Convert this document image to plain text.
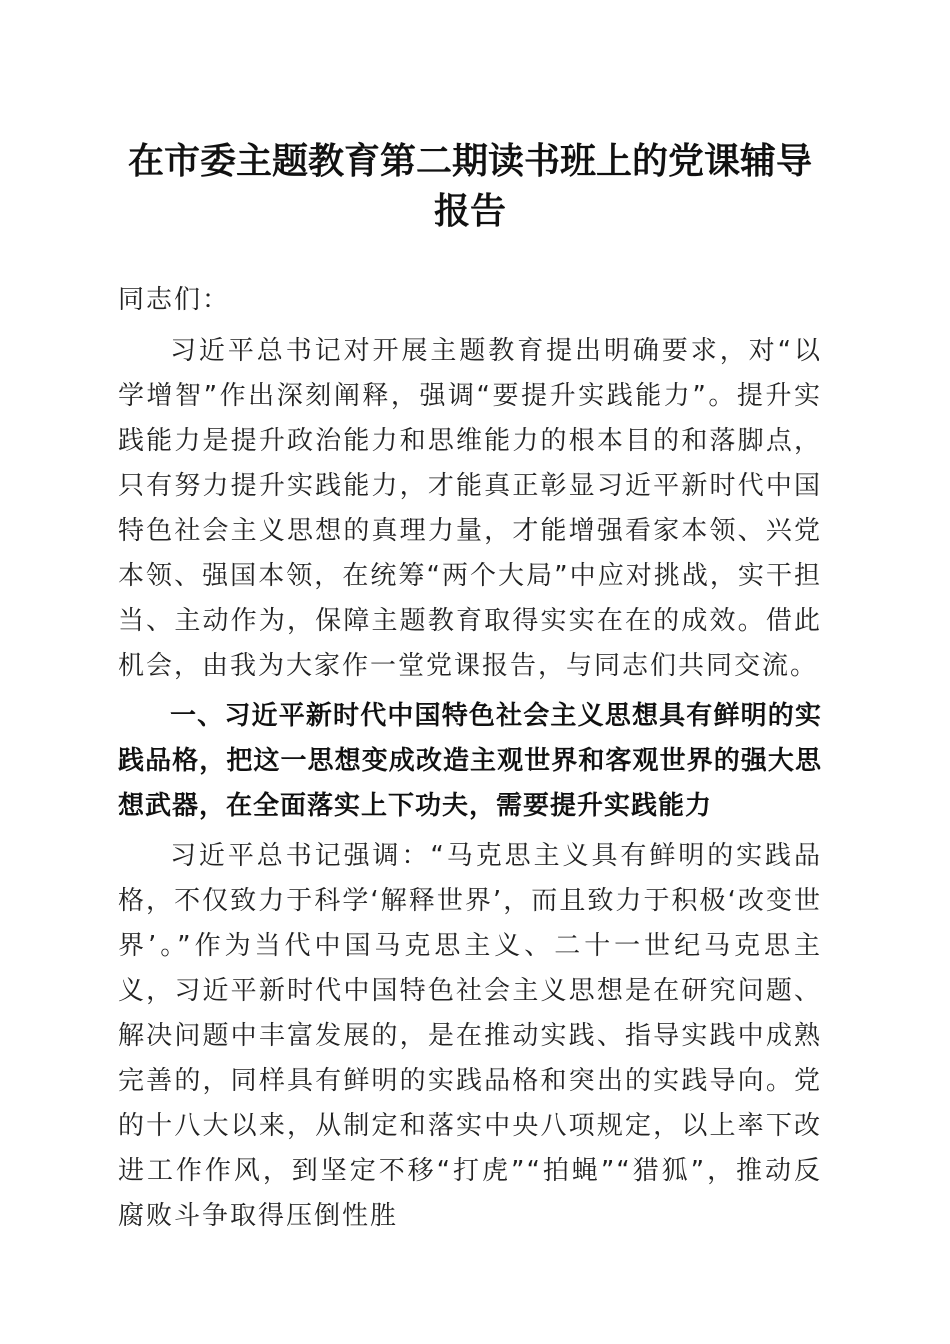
在市委主题教育第二期读书班上的党课辅导报告

同志们：

习近平总书记对开展主题教育提出明确要求，对“以学增智”作出深刻阐释，强调“要提升实践能力”。提升实践能力是提升政治能力和思维能力的根本目的和落脚点，只有努力提升实践能力，才能真正彰显习近平新时代中国特色社会主义思想的真理力量，才能增强看家本领、兴党本领、强国本领，在统筹“两个大局”中应对挑战，实干担当、主动作为，保障主题教育取得实实在在的成效。借此机会，由我为大家作一堂党课报告，与同志们共同交流。

一、习近平新时代中国特色社会主义思想具有鲜明的实践品格，把这一思想变成改造主观世界和客观世界的强大思想武器，在全面落实上下功夫，需要提升实践能力

习近平总书记强调：“马克思主义具有鲜明的实践品格，不仅致力于科学‘解释世界’，而且致力于积极‘改变世界’。”作为当代中国马克思主义、二十一世纪马克思主义，习近平新时代中国特色社会主义思想是在研究问题、解决问题中丰富发展的，是在推动实践、指导实践中成熟完善的，同样具有鲜明的实践品格和突出的实践导向。党的十八大以来，从制定和落实中央八项规定，以上率下改进工作作风，到坚定不移“打虎”“拍蝇”“猎狐”，推动反腐败斗争取得压倒性胜
